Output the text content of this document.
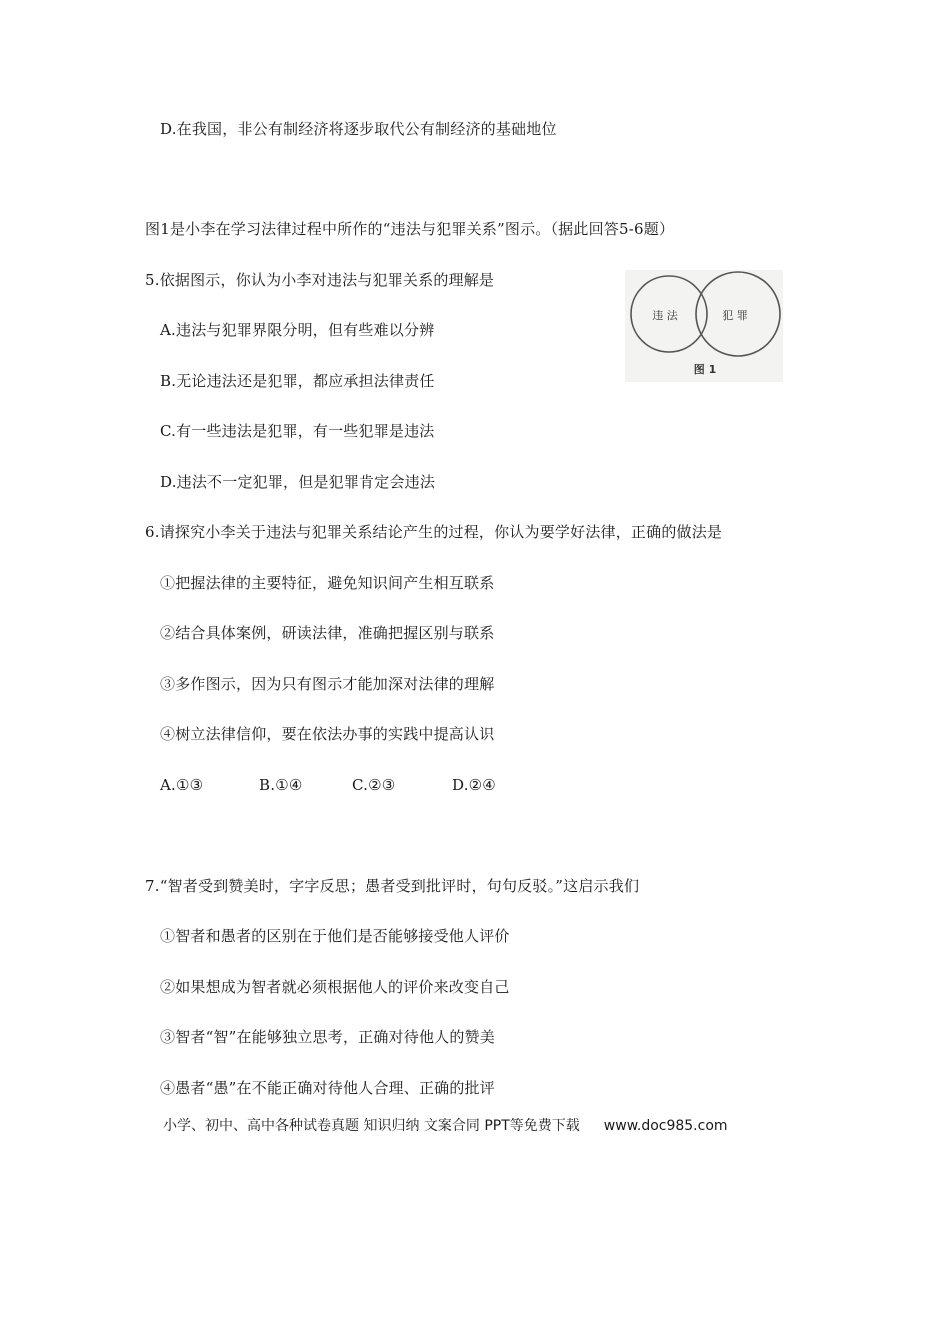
D.在我国，非公有制经济将逐步取代公有制经济的基础地位
图1是小李在学习法律过程中所作的“违法与犯罪关系”图示。（据此回答5-6题）
5.依据图示，你认为小李对违法与犯罪关系的理解是
A.违法与犯罪界限分明，但有些难以分辨
B.无论违法还是犯罪，都应承担法律责任
C.有一些违法是犯罪，有一些犯罪是违法
D.违法不一定犯罪，但是犯罪肯定会违法
违 法	犯 罪
图 1
6.请探究小李关于违法与犯罪关系结论产生的过程，你认为要学好法律，正确的做法是
①把握法律的主要特征，避免知识间产生相互联系
②结合具体案例，研读法律，准确把握区别与联系
③多作图示，因为只有图示才能加深对法律的理解
④树立法律信仰，要在依法办事的实践中提高认识
A.①③	B.①④	C.②③	D.②④
7.“智者受到赞美时，字字反思；愚者受到批评时，句句反驳。”这启示我们
①智者和愚者的区别在于他们是否能够接受他人评价
②如果想成为智者就必须根据他人的评价来改变自己
③智者“智”在能够独立思考，正确对待他人的赞美
④愚者“愚”在不能正确对待他人合理、正确的批评
小学、初中、高中各种试卷真题 知识归纳 文案合同 PPT等免费下载 www.doc985.com
